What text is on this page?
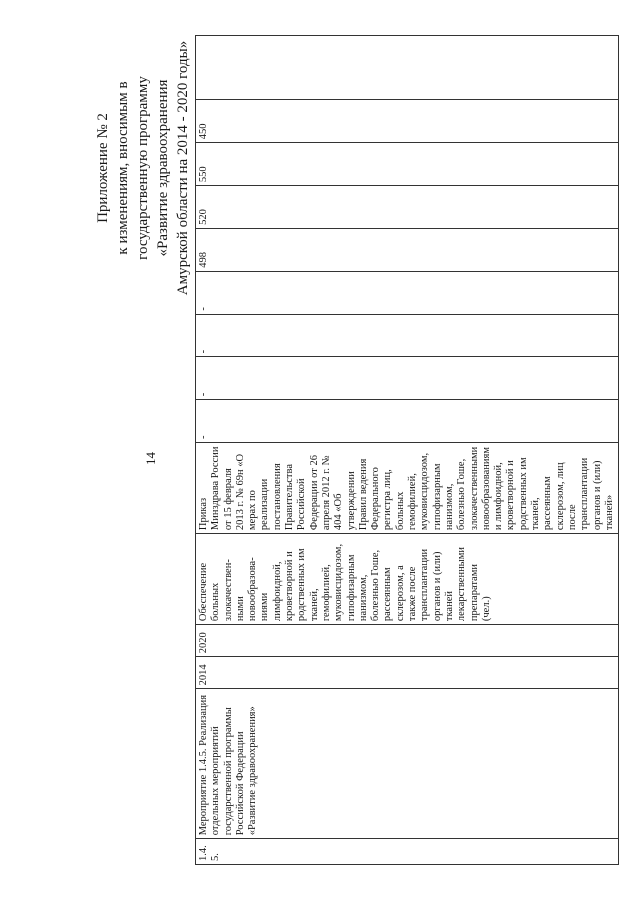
14
Приложение № 2 к изменениям, вносимым в государственную программу «Развитие здравоохранения Амурской области на 2014 - 2020 годы»
1.4.5.	Мероприятие 1.4.5. Реализация отдельных мероприятий государственной программы Российской Федерации «Развитие здравоохранения»	2014	2020	Обеспечение больных злокачествен-ными новообразова-ниями лимфоидной, кроветворной и родственных им тканей, гемофилией, муковисцидозом, гипофизарным нанизмом, болезнью Гоше, рассеянным склерозом, а также после трансплантации органов и (или) тканей лекарственными препаратами (чел.)	Приказ Минздрава России от 15 февраля 2013 г. № 69н «О мерах по реализации постановления Правительства Российской Федерации от 26 апреля 2012 г. № 404 «Об утверждении Правил ведения Федерального регистра лиц, больных гемофилией, муковисцидозом, гипофизарным нанизмом, болезнью Гоше, злокачественными новообразованиями лимфоидной, кроветворной и родственных им тканей, рассеянным склерозом, лиц после трансплантации органов и (или) тканей»	-	-	-	-	498	520	550	450	
